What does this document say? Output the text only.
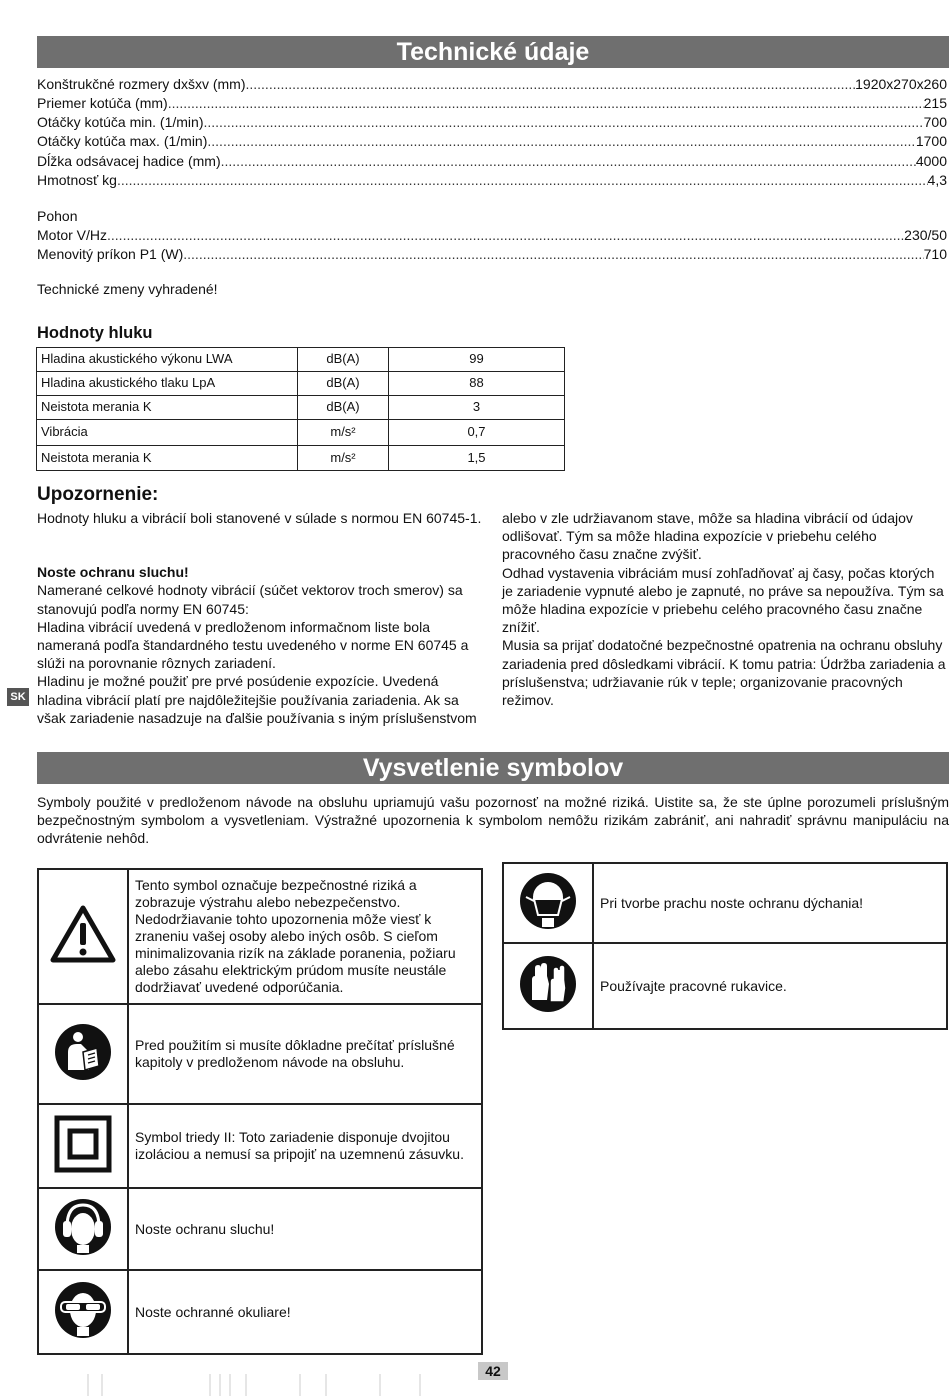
Technické údaje
Konštrukčné rozmery dxšxv (mm) .....	1920x270x260
Priemer kotúča (mm) .....	215
Otáčky kotúča min. (1/min) .....	700
Otáčky kotúča max. (1/min) .....	1700
Dĺžka odsávacej hadice (mm) .....	4000
Hmotnosť kg .....	4,3
Pohon
Motor V/Hz .....	230/50
Menovitý príkon P1 (W) .....	710
Technické zmeny vyhradené!
Hodnoty hluku
Hladina akustického výkonu LWA	dB(A)	99
Hladina akustického tlaku LpA	dB(A)	88
Neistota merania K	dB(A)	3
Vibrácia	m/s²	0,7
Neistota merania K	m/s²	1,5
Upozornenie:

Hodnoty hluku a vibrácií boli stanovené v súlade s normou EN 60745-1.

Noste ochranu sluchu!

Namerané celkové hodnoty vibrácií (súčet vektorov troch smerov) sa stanovujú podľa normy EN 60745:

Hladina vibrácií uvedená v predloženom informačnom liste bola nameraná podľa štandardného testu uvedeného v norme EN 60745 a slúži na porovnanie rôznych zariadení.

Hladinu je možné použiť pre prvé posúdenie expozície. Uvedená hladina vibrácií platí pre najdôležitejšie používania zariadenia. Ak sa však zariadenie nasadzuje na ďalšie používania s iným príslušenstvom

alebo v zle udržiavanom stave, môže sa hladina vibrácií od údajov odlišovať. Tým sa môže hladina expozície v priebehu celého pracovného času značne zvýšiť.

Odhad vystavenia vibráciám musí zohľadňovať aj časy, počas ktorých je zariadenie vypnuté alebo je zapnuté, no práve sa nepoužíva. Tým sa môže hladina expozície v priebehu celého pracovného času značne znížiť.

Musia sa prijať dodatočné bezpečnostné opatrenia na ochranu obsluhy zariadenia pred dôsledkami vibrácií. K tomu patria: Údržba zariadenia a príslušenstva; udržiavanie rúk v teple; organizovanie pracovných režimov.

SK
Vysvetlenie symbolov
Symboly použité v predloženom návode na obsluhu upriamujú vašu pozornosť na možné riziká. Uistite sa, že ste úplne porozumeli príslušným bezpečnostným symbolom a vysvetleniam. Výstražné upozornenia k symbolom nemôžu rizikám zabrániť, ani nahradiť správnu manipuláciu na odvrátenie nehôd.
	Tento symbol označuje bezpečnostné riziká a zobrazuje výstrahu alebo nebezpečenstvo. Nedodržiavanie tohto upozornenia môže viesť k zraneniu vašej osoby alebo iných osôb. S cieľom minimalizovania rizík na základe poranenia, požiaru alebo zásahu elektrickým prúdom musíte neustále dodržiavať uvedené odporúčania.
	Pred použitím si musíte dôkladne prečítať príslušné kapitoly v predloženom návode na obsluhu.
	Symbol triedy II: Toto zariadenie disponuje dvojitou izoláciou a nemusí sa pripojiť na uzemnenú zásuvku.
	Noste ochranu sluchu!
	Noste ochranné okuliare!
	Pri tvorbe prachu noste ochranu dýchania!
	Používajte pracovné rukavice.
42
